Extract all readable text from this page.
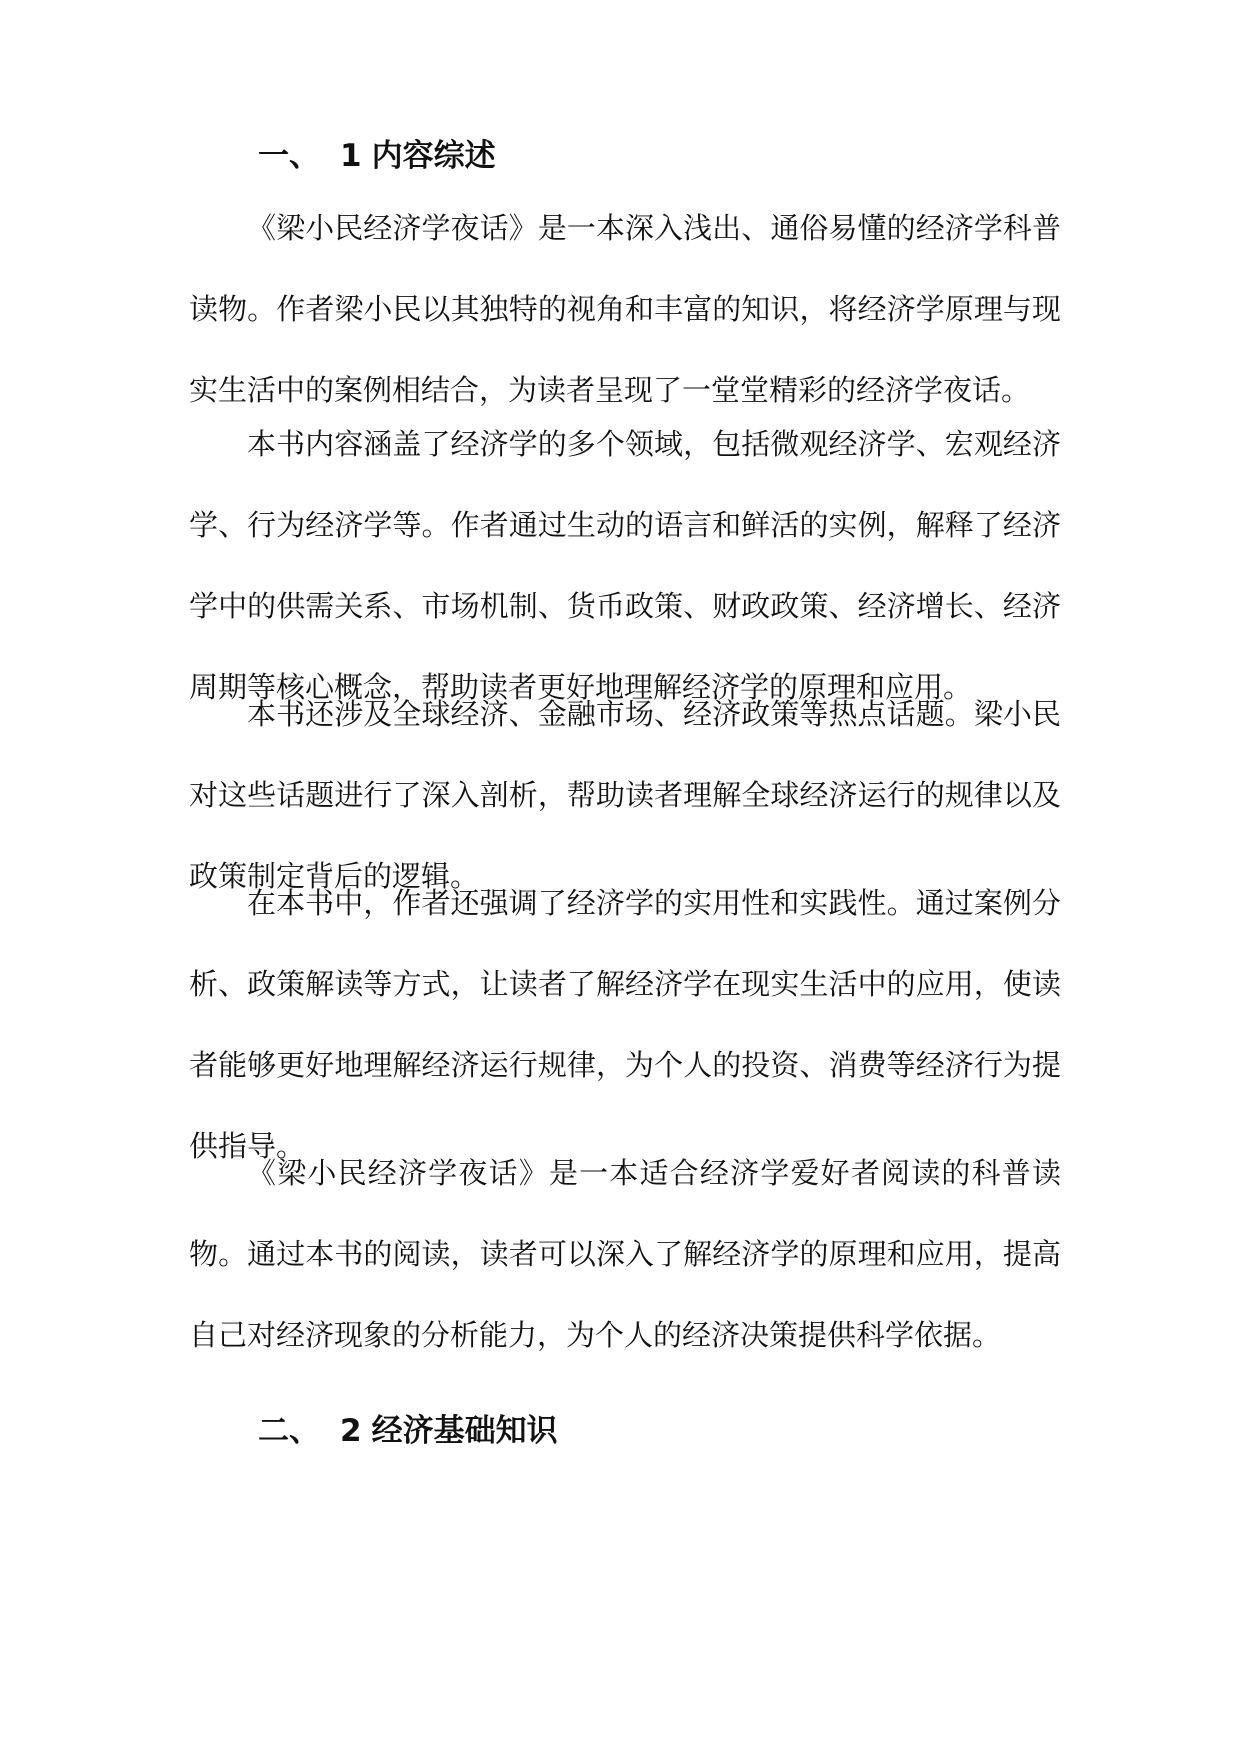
一、 1 内容综述

《梁小民经济学夜话》是一本深入浅出、通俗易懂的经济学科普读物。作者梁小民以其独特的视角和丰富的知识，将经济学原理与现实生活中的案例相结合，为读者呈现了一堂堂精彩的经济学夜话。

本书内容涵盖了经济学的多个领域，包括微观经济学、宏观经济学、行为经济学等。作者通过生动的语言和鲜活的实例，解释了经济学中的供需关系、市场机制、货币政策、财政政策、经济增长、经济周期等核心概念，帮助读者更好地理解经济学的原理和应用。

本书还涉及全球经济、金融市场、经济政策等热点话题。梁小民对这些话题进行了深入剖析，帮助读者理解全球经济运行的规律以及政策制定背后的逻辑。

在本书中，作者还强调了经济学的实用性和实践性。通过案例分析、政策解读等方式，让读者了解经济学在现实生活中的应用，使读者能够更好地理解经济运行规律，为个人的投资、消费等经济行为提供指导。

《梁小民经济学夜话》是一本适合经济学爱好者阅读的科普读物。通过本书的阅读，读者可以深入了解经济学的原理和应用，提高自己对经济现象的分析能力，为个人的经济决策提供科学依据。

二、 2 经济基础知识
